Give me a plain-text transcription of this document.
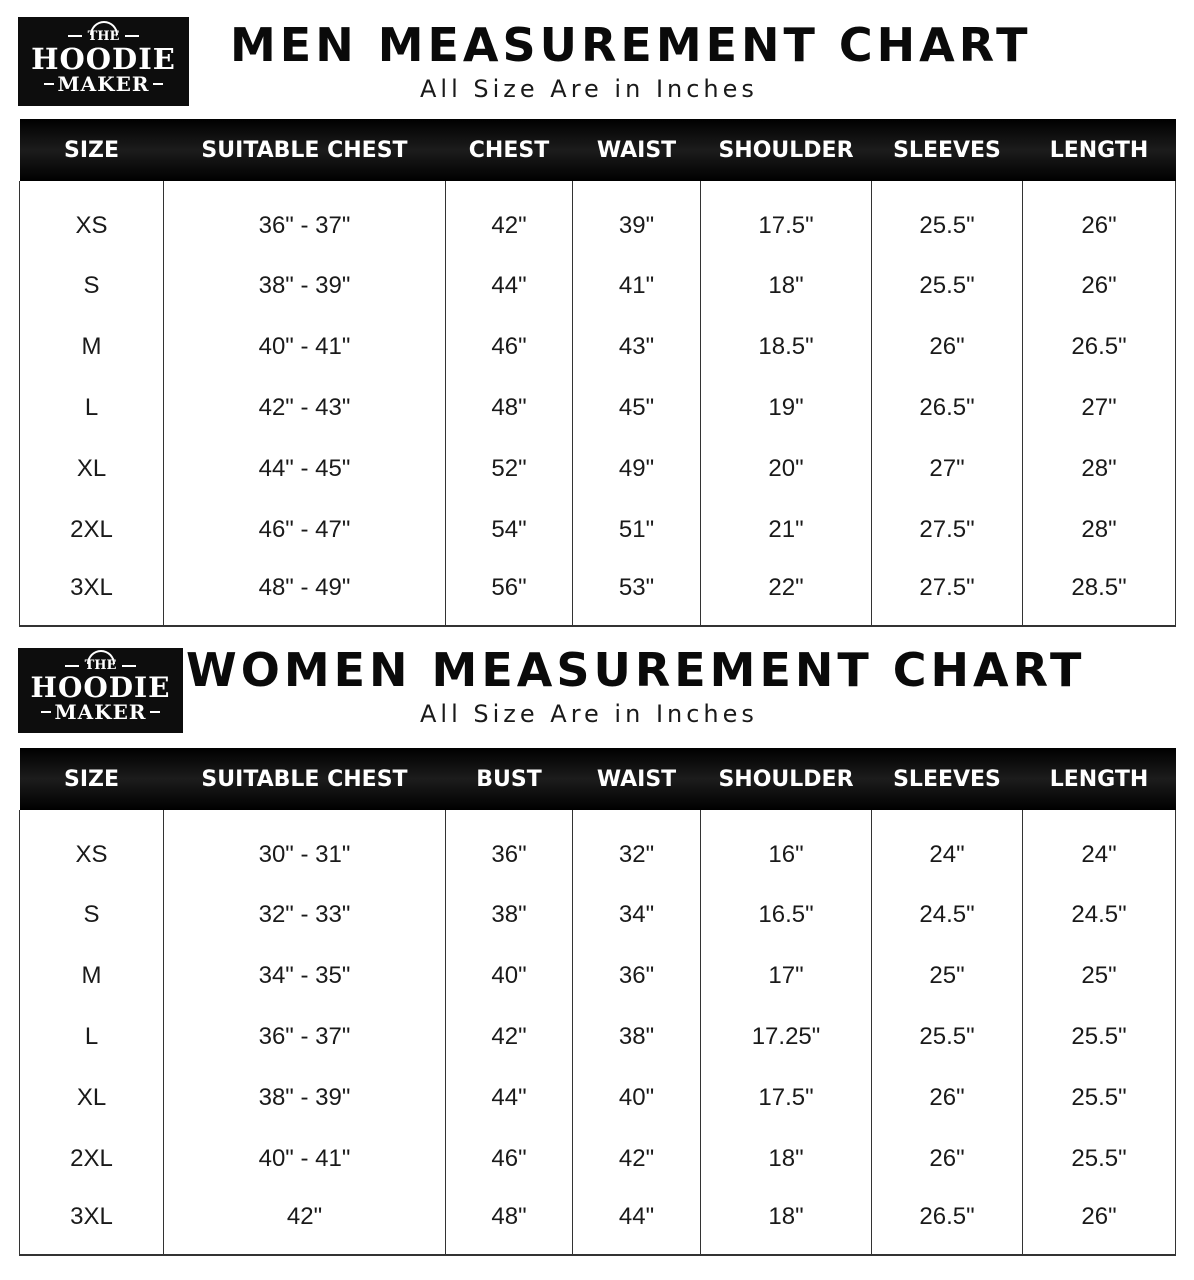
THE
HOODIE
MAKER
MEN MEASUREMENT CHART
All Size Are in Inches
SIZE	SUITABLE CHEST	CHEST	WAIST	SHOULDER	SLEEVES	LENGTH
XS	36" - 37"	42"	39"	17.5"	25.5"	26"
S	38" - 39"	44"	41"	18"	25.5"	26"
M	40" - 41"	46"	43"	18.5"	26"	26.5"
L	42" - 43"	48"	45"	19"	26.5"	27"
XL	44" - 45"	52"	49"	20"	27"	28"
2XL	46" - 47"	54"	51"	21"	27.5"	28"
3XL	48" - 49"	56"	53"	22"	27.5"	28.5"
THE
HOODIE
MAKER
WOMEN MEASUREMENT CHART
All Size Are in Inches
SIZE	SUITABLE CHEST	BUST	WAIST	SHOULDER	SLEEVES	LENGTH
XS	30" - 31"	36"	32"	16"	24"	24"
S	32" - 33"	38"	34"	16.5"	24.5"	24.5"
M	34" - 35"	40"	36"	17"	25"	25"
L	36" - 37"	42"	38"	17.25"	25.5"	25.5"
XL	38" - 39"	44"	40"	17.5"	26"	25.5"
2XL	40" - 41"	46"	42"	18"	26"	25.5"
3XL	42"	48"	44"	18"	26.5"	26"
